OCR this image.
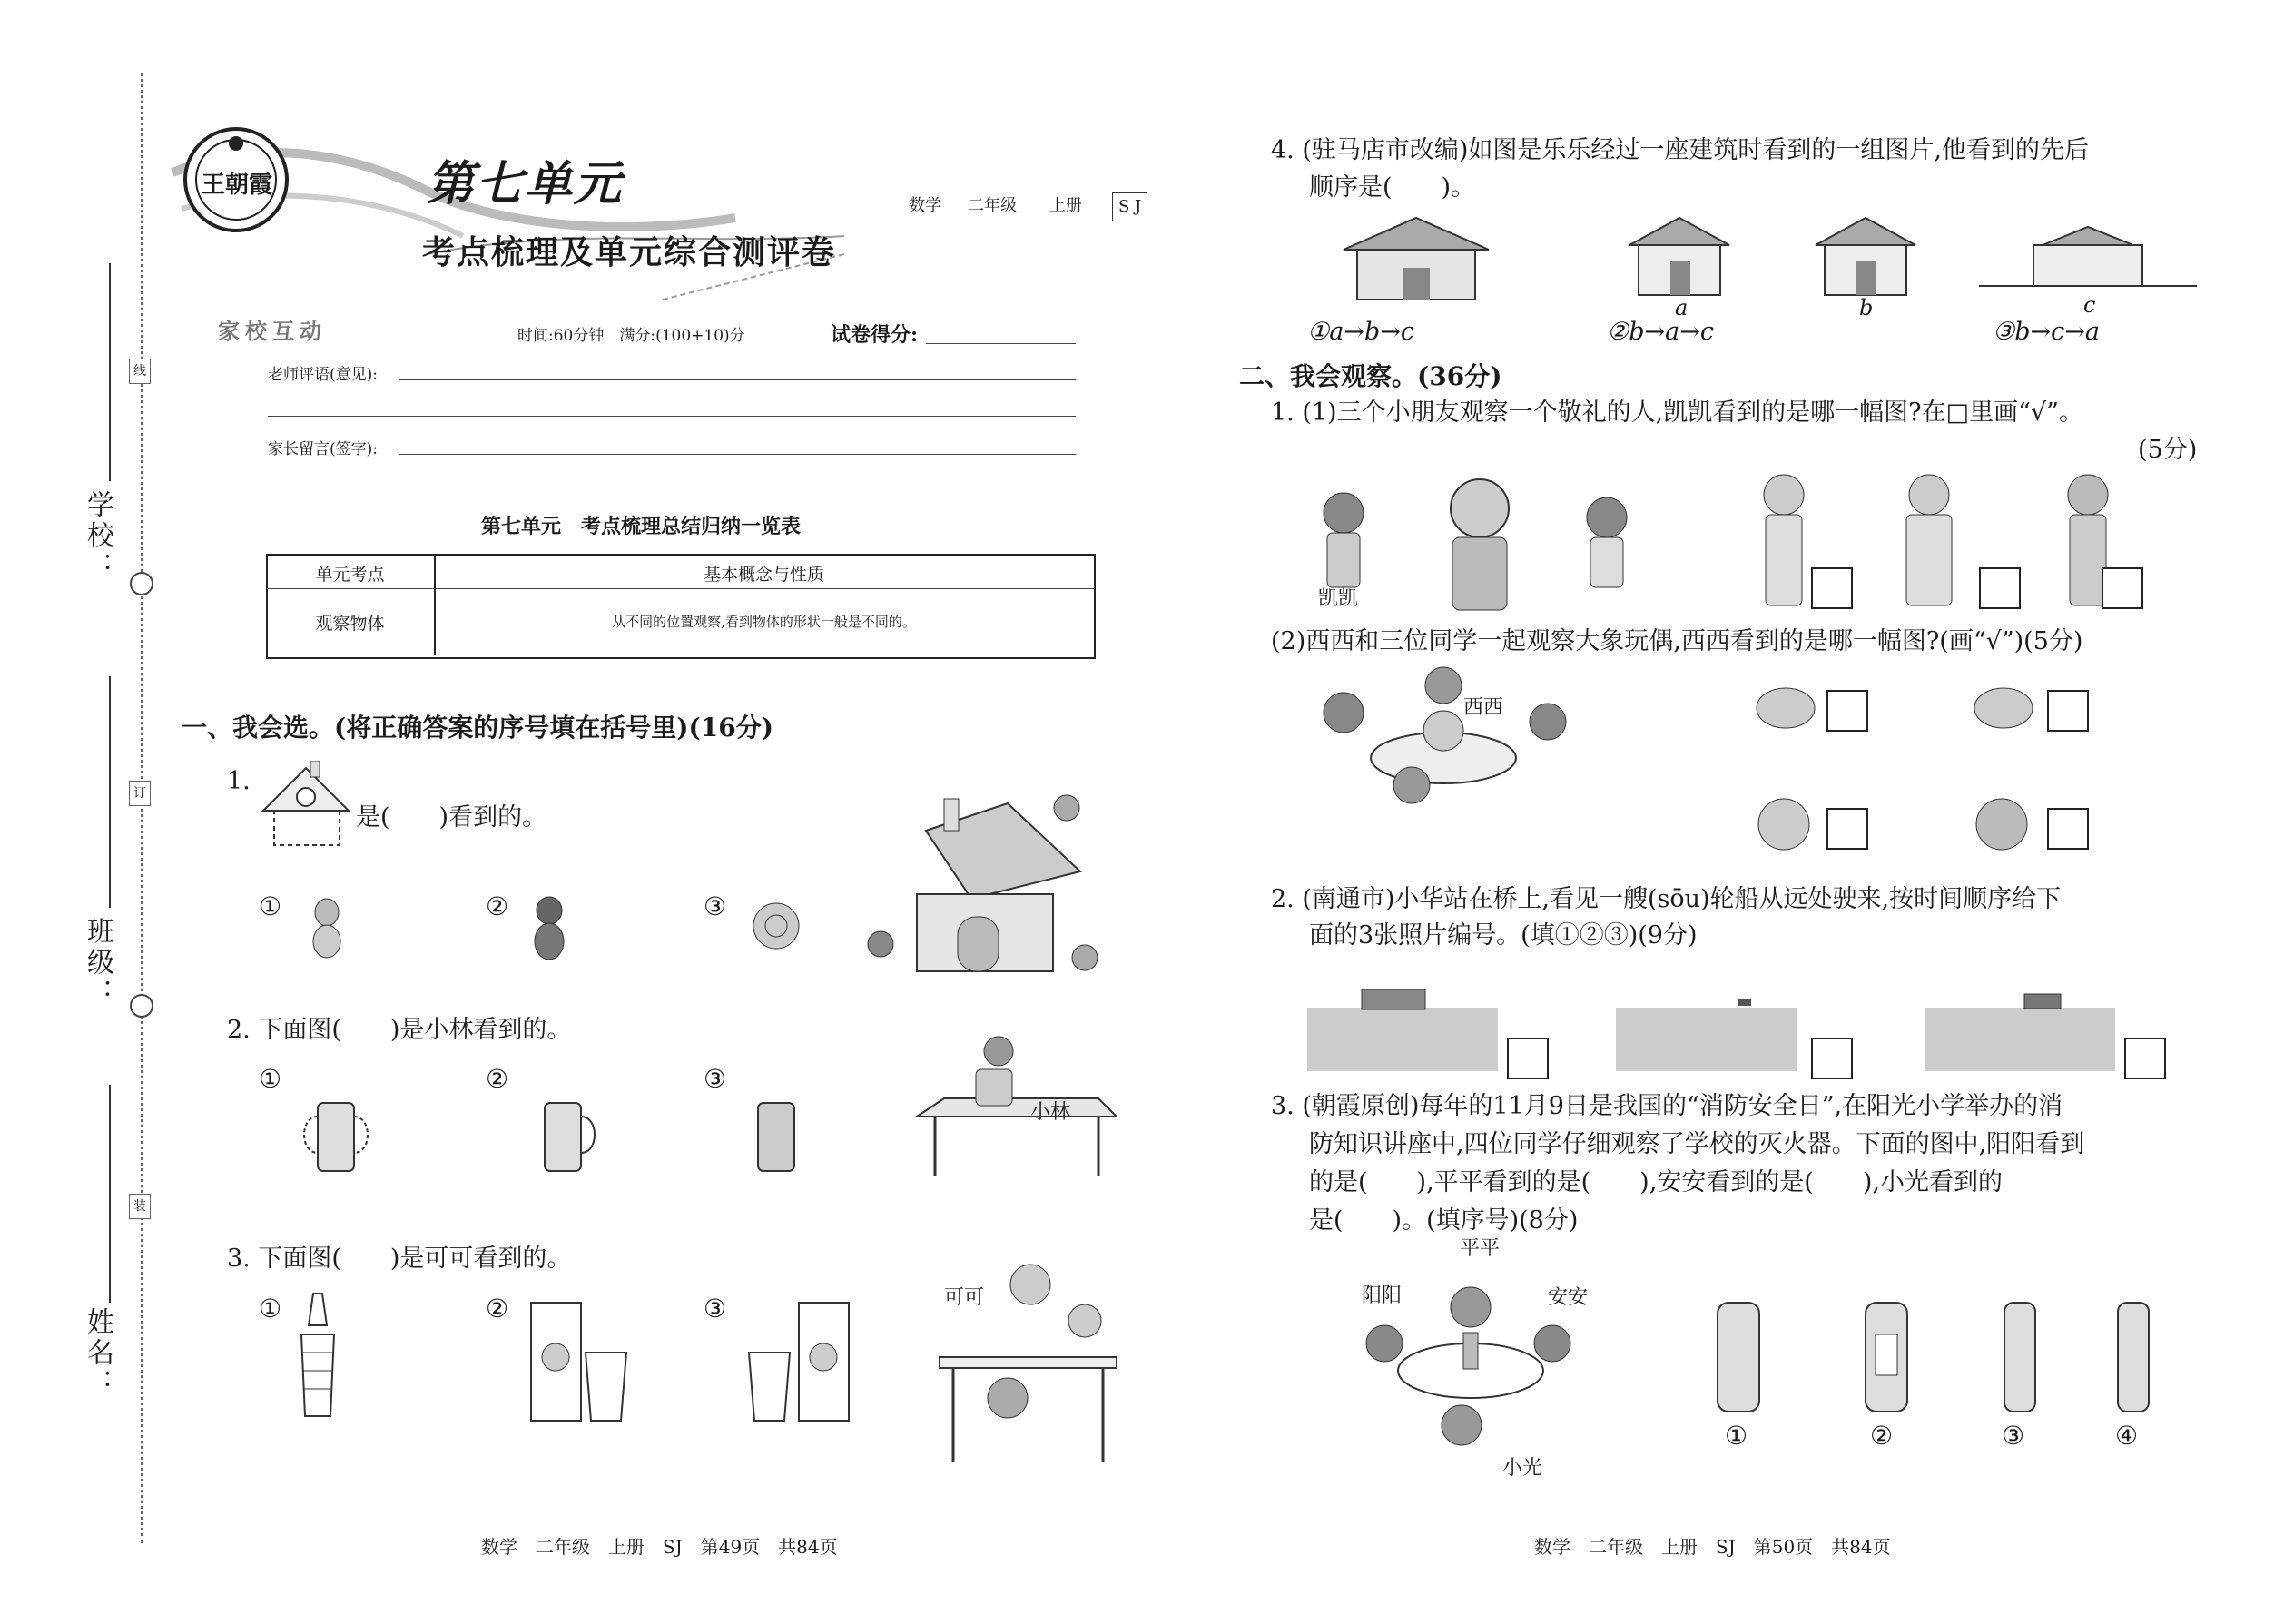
学校：
班级：
姓名：
线
订
装
王朝霞	第七单元
考点梳理及单元综合测评卷
数学	二年级	上册	S J
家校互动	时间:60分钟　满分:(100+10)分	试卷得分:
老师评语(意见):
家长留言(签字):
第七单元　考点梳理总结归纳一览表
单元考点	基本概念与性质
观察物体	从不同的位置观察,看到物体的形状一般是不同的。
一、我会选。(将正确答案的序号填在括号里)(16分)
1.
是(　　)看到的。
①	②	③
2. 下面图(　　)是小林看到的。
①	②	③
小林
3. 下面图(　　)是可可看到的。
①	②	③	可可
4. (驻马店市改编)如图是乐乐经过一座建筑时看到的一组图片,他看到的先后
顺序是(　　)。
a	b	c
①a→b→c	②b→a→c	③b→c→a
二、我会观察。(36分)
1. (1)三个小朋友观察一个敬礼的人,凯凯看到的是哪一幅图?在□里画“√”。
(5分)
凯凯
(2)西西和三位同学一起观察大象玩偶,西西看到的是哪一幅图?(画“√”)(5分)
西西
2. (南通市)小华站在桥上,看见一艘(sōu)轮船从远处驶来,按时间顺序给下
面的3张照片编号。(填①②③)(9分)
3. (朝霞原创)每年的11月9日是我国的“消防安全日”,在阳光小学举办的消
防知识讲座中,四位同学仔细观察了学校的灭火器。下面的图中,阳阳看到
的是(　　),平平看到的是(　　),安安看到的是(　　),小光看到的
是(　　)。(填序号)(8分)
平平
阳阳	安安
小光
①	②	③	④
数学　二年级　上册　SJ　第49页　共84页	数学　二年级　上册　SJ　第50页　共84页
